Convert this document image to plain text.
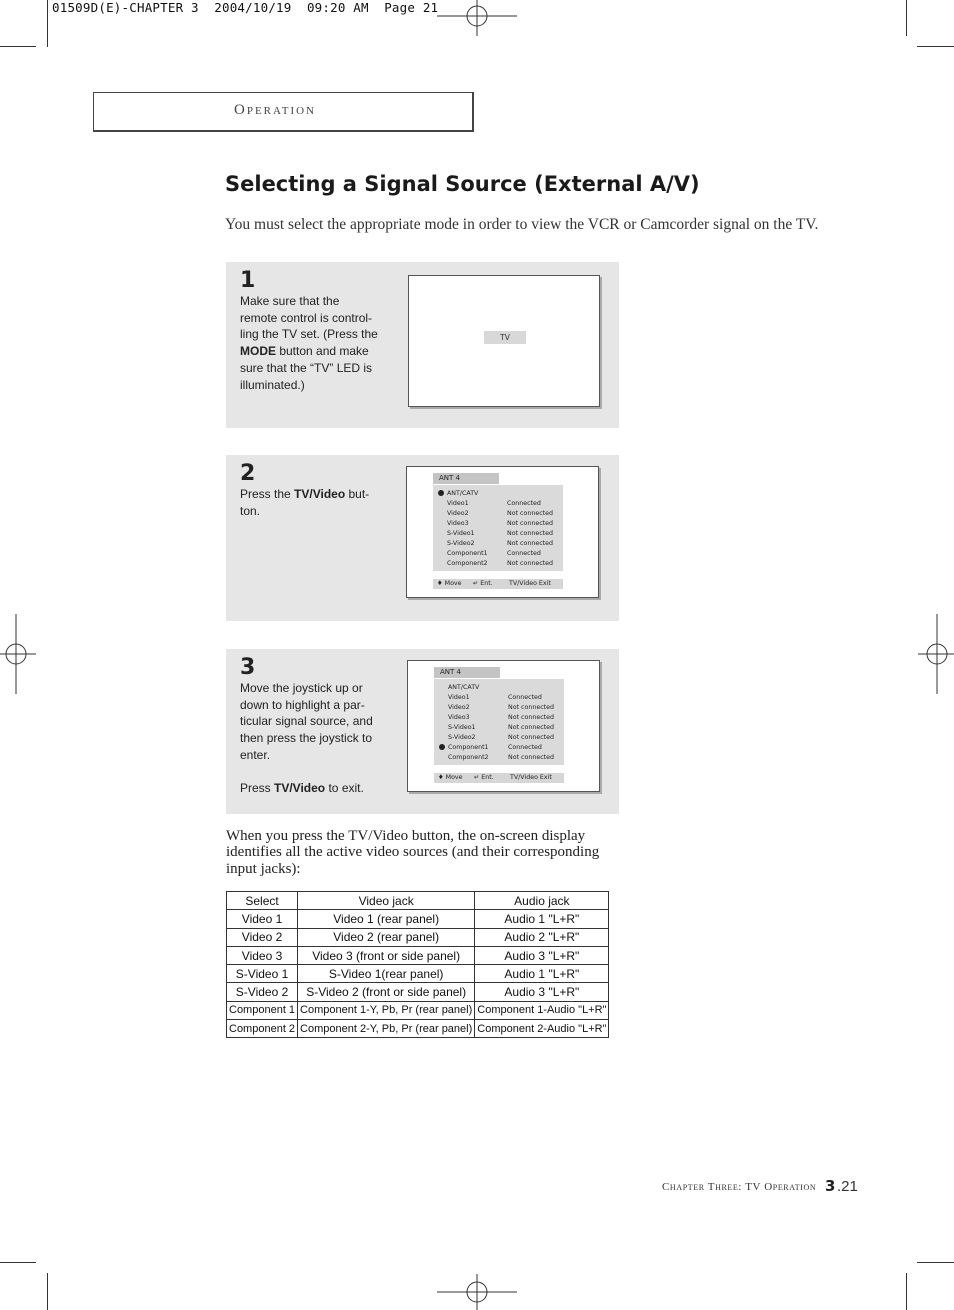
01509D(E)-CHAPTER 3  2004/10/19  09:20 AM  Page 21
Operation
Selecting a Signal Source (External A/V)
You must select the appropriate mode in order to view the VCR or Camcorder signal on the TV.
1
Make sure that the remote control is control-ling the TV set. (Press the MODE button and make sure that the “TV” LED is illuminated.)
TV
2
Press the TV/Video but-ton.
ANT 4
ANT/CATV
Video1	Connected
Video2	Not connected
Video3	Not connected
S-Video1	Not connected
S-Video2	Not connected
Component1	Connected
Component2	Not connected
♦ Move ↵ Ent.	TV/Video Exit
3
Move the joystick up or down to highlight a par-ticular signal source, and then press the joystick to enter.

Press TV/Video to exit.
ANT 4
ANT/CATV
Video1	Connected
Video2	Not connected
Video3	Not connected
S-Video1	Not connected
S-Video2	Not connected
Component1	Connected
Component2	Not connected
♦ Move ↵ Ent.	TV/Video Exit
When you press the TV/Video button, the on-screen display identifies all the active video sources (and their corresponding input jacks):
Select	Video jack	Audio jack
Video 1	Video 1 (rear panel)	Audio 1 "L+R"
Video 2	Video 2 (rear panel)	Audio 2 "L+R"
Video 3	Video 3 (front or side panel)	Audio 3 "L+R"
S-Video 1	S-Video 1(rear panel)	Audio 1 "L+R"
S-Video 2	S-Video 2 (front or side panel)	Audio 3 "L+R"
Component 1	Component 1-Y, Pb, Pr (rear panel)	Component 1-Audio "L+R"
Component 2	Component 2-Y, Pb, Pr (rear panel)	Component 2-Audio "L+R"
Chapter Three: TV Operation 3 .21
